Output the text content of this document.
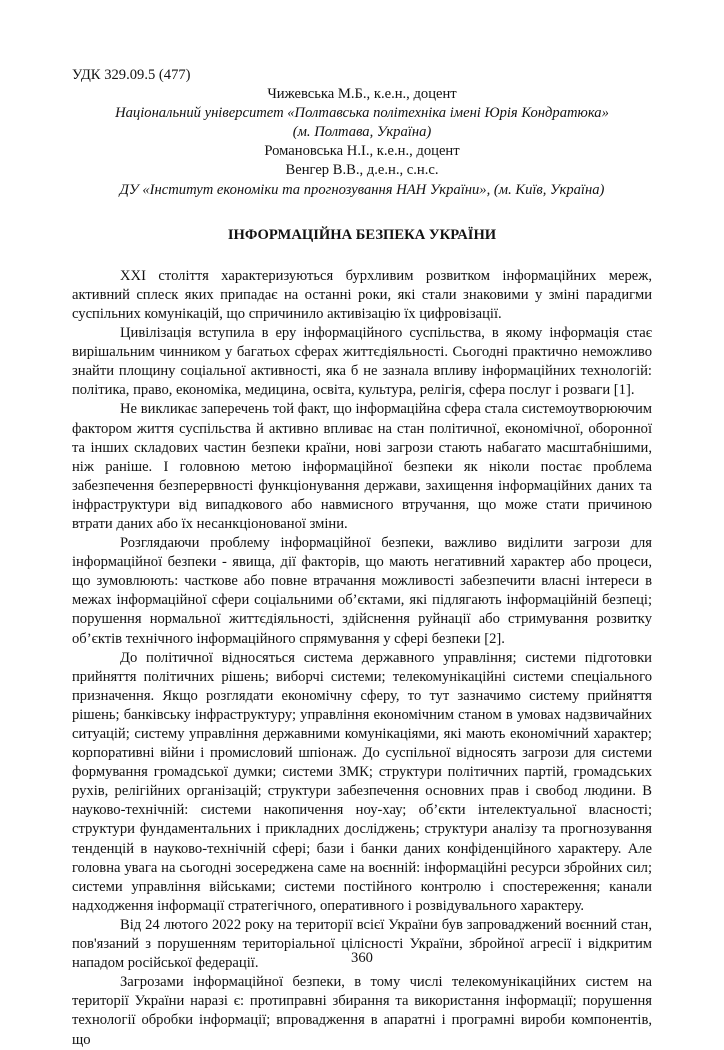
УДК 329.09.5 (477)

Чижевська М.Б., к.е.н., доцент

Національний університет «Полтавська політехніка імені Юрія Кондратюка»

(м. Полтава, Україна)

Романовська Н.І., к.е.н., доцент

Венгер В.В., д.е.н., с.н.с.

ДУ «Інститут економіки та прогнозування НАН України», (м. Київ, Україна)

ІНФОРМАЦІЙНА БЕЗПЕКА УКРАЇНИ

XXI століття характеризуються бурхливим розвитком інформаційних мереж, активний сплеск яких припадає на останні роки, які стали знаковими у зміні парадигми суспільних комунікацій, що спричинило активізацію їх цифровізації.

Цивілізація вступила в еру інформаційного суспільства, в якому інформація стає вирішальним чинником у багатьох сферах життєдіяльності. Сьогодні практично неможливо знайти площину соціальної активності, яка б не зазнала впливу інформаційних технологій: політика, право, економіка, медицина, освіта, культура, релігія, сфера послуг і розваги [1].

Не викликає заперечень той факт, що інформаційна сфера стала системоутворюючим фактором життя суспільства й активно впливає на стан політичної, економічної, оборонної та інших складових частин безпеки країни, нові загрози стають набагато масштабнішими, ніж раніше. І головною метою інформаційної безпеки як ніколи постає проблема забезпечення безперервності функціонування держави, захищення інформаційних даних та інфраструктури від випадкового або навмисного втручання, що може стати причиною втрати даних або їх несанкціонованої зміни.

Розглядаючи проблему інформаційної безпеки, важливо виділити загрози для інформаційної безпеки - явища, дії факторів, що мають негативний характер або процеси, що зумовлюють: часткове або повне втрачання можливості забезпечити власні інтереси в межах інформаційної сфери соціальними об’єктами, які підлягають інформаційній безпеці; порушення нормальної життєдіяльності, здійснення руйнації або стримування розвитку об’єктів технічного інформаційного спрямування у сфері безпеки [2].

До політичної відносяться система державного управління; системи підготовки прийняття політичних рішень; виборчі системи; телекомунікаційні системи спеціального призначення. Якщо розглядати економічну сферу, то тут зазначимо систему прийняття рішень; банківську інфраструктуру; управління економічним станом в умовах надзвичайних ситуацій; систему управління державними комунікаціями, які мають економічний характер; корпоративні війни і промисловий шпіонаж. До суспільної відносять загрози для системи формування громадської думки; системи ЗМК; структури політичних партій, громадських рухів, релігійних організацій; структури забезпечення основних прав і свобод людини. В науково-технічній: системи накопичення ноу-хау; об’єкти інтелектуальної власності; структури фундаментальних і прикладних досліджень; структури аналізу та прогнозування тенденцій в науково-технічній сфері; бази і банки даних конфіденційного характеру. Але головна увага на сьогодні зосереджена саме на воєнній: інформаційні ресурси збройних сил; системи управління військами; системи постійного контролю і спостереження; канали надходження інформації стратегічного, оперативного і розвідувального характеру.

Від 24 лютого 2022 року на території всієї України був запроваджений воєнний стан, пов'язаний з порушенням територіальної цілісності України, збройної агресії і відкритим нападом російської федерації.

Загрозами інформаційної безпеки, в тому числі телекомунікаційних систем на території України наразі є: протиправні збирання та використання інформації; порушення технології обробки інформації; впровадження в апаратні і програмні вироби компонентів, що

360
